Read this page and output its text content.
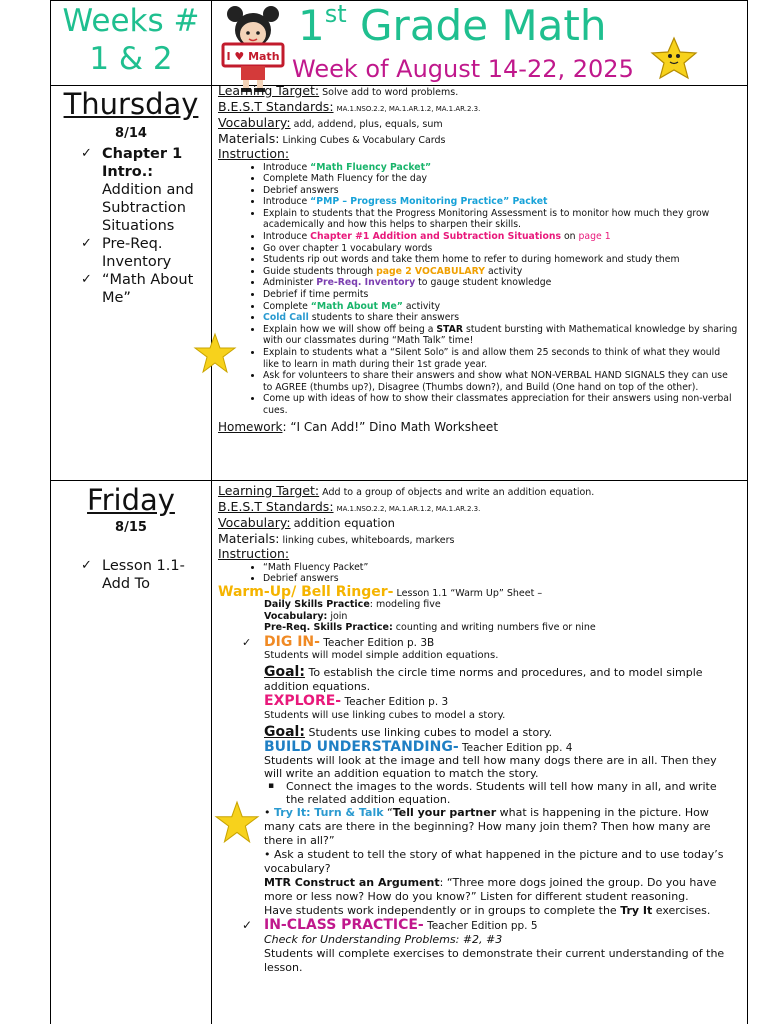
Weeks # 1 & 2	I ♥ Math
1st Grade Math
Week of August 14-22, 2025
Thursday
8/14
✓ Chapter 1 Intro.: Addition and Subtraction Situations
✓ Pre-Req. Inventory
✓ “Math About Me”
Learning Target: Solve add to word problems.
B.E.S.T Standards: MA.1.NSO.2.2, MA.1.AR.1.2, MA.1.AR.2.3.
Vocabulary: add, addend, plus, equals, sum
Materials: Linking Cubes & Vocabulary Cards
Instruction:
• Introduce “Math Fluency Packet”
• Complete Math Fluency for the day
• Debrief answers
• Introduce “PMP – Progress Monitoring Practice” Packet
• Explain to students that the Progress Monitoring Assessment is to monitor how much they grow academically and how this helps to sharpen their skills.
• Introduce Chapter #1 Addition and Subtraction Situations on page 1
• Go over chapter 1 vocabulary words
• Students rip out words and take them home to refer to during homework and study them
• Guide students through page 2 VOCABULARY activity
• Administer Pre-Req. Inventory to gauge student knowledge
• Debrief if time permits
• Complete “Math About Me” activity
• Cold Call students to share their answers
• Explain how we will show off being a STAR student bursting with Mathematical knowledge by sharing with our classmates during “Math Talk” time!
• Explain to students what a “Silent Solo” is and allow them 25 seconds to think of what they would like to learn in math during their 1st grade year.
• Ask for volunteers to share their answers and show what NON-VERBAL HAND SIGNALS they can use to AGREE (thumbs up?), Disagree (Thumbs down?), and Build (One hand on top of the other).
• Come up with ideas of how to show their classmates appreciation for their answers using non-verbal cues.
Homework: “I Can Add!” Dino Math Worksheet
Friday
8/15
✓ Lesson 1.1- Add To
Learning Target: Add to a group of objects and write an addition equation.
B.E.S.T Standards: MA.1.NSO.2.2, MA.1.AR.1.2, MA.1.AR.2.3.
Vocabulary: addition equation
Materials: linking cubes, whiteboards, markers
Instruction:
• “Math Fluency Packet”
• Debrief answers
Warm-Up/ Bell Ringer- Lesson 1.1 “Warm Up” Sheet –
Daily Skills Practice: modeling five
Vocabulary: join
Pre-Req. Skills Practice: counting and writing numbers five or nine
✓ DIG IN- Teacher Edition p. 3B
Students will model simple addition equations.
Goal: To establish the circle time norms and procedures, and to model simple addition equations.
EXPLORE- Teacher Edition p. 3
Students will use linking cubes to model a story.
Goal: Students use linking cubes to model a story.
BUILD UNDERSTANDING- Teacher Edition pp. 4
Students will look at the image and tell how many dogs there are in all. Then they will write an addition equation to match the story.
▪ Connect the images to the words. Students will tell how many in all, and write the related addition equation.
• Try It: Turn & Talk “Tell your partner what is happening in the picture. How many cats are there in the beginning? How many join them? Then how many are there in all?”
• Ask a student to tell the story of what happened in the picture and to use today’s vocabulary?
MTR Construct an Argument: “Three more dogs joined the group. Do you have more or less now? How do you know?” Listen for different student reasoning.
Have students work independently or in groups to complete the Try It exercises.
✓ IN-CLASS PRACTICE- Teacher Edition pp. 5
Check for Understanding Problems: #2, #3
Students will complete exercises to demonstrate their current understanding of the lesson.
